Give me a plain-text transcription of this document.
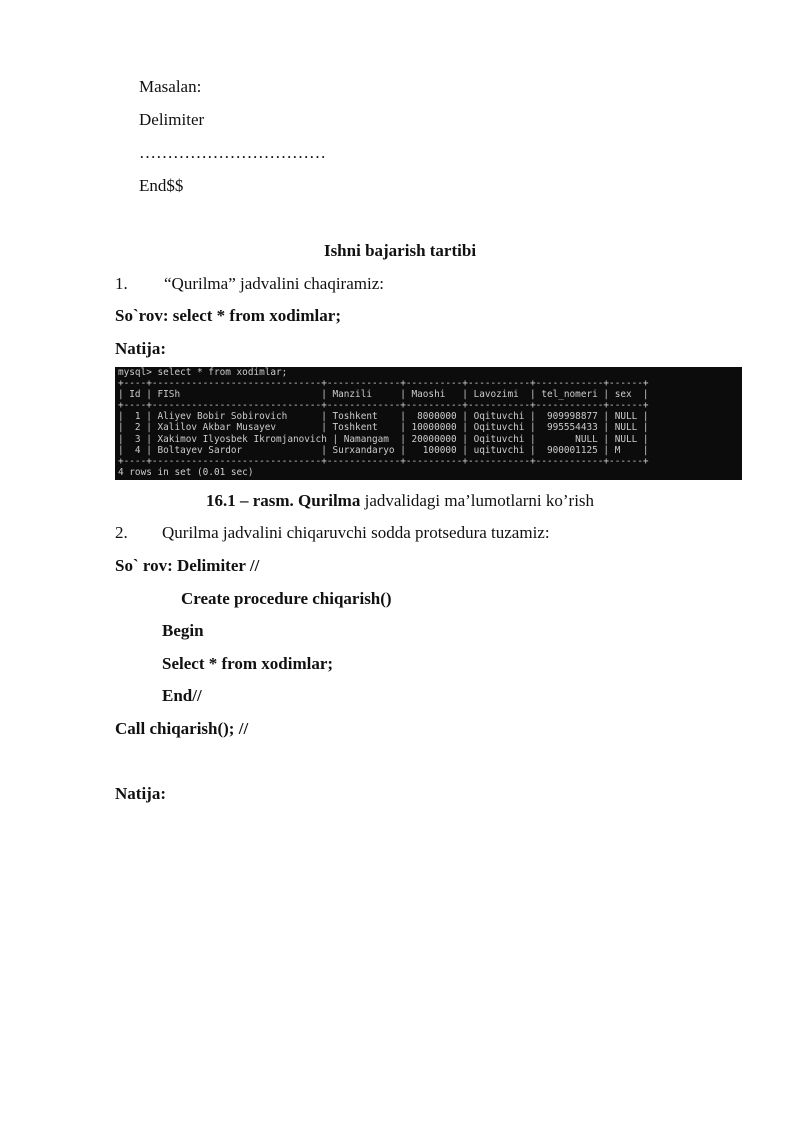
Masalan:
Delimiter
……………………………
End$$
Ishni bajarish tartibi
1. “Qurilma” jadvalini chaqiramiz:
So`rov: select * from xodimlar;
Natija:
mysql> select * from xodimlar;
+----+------------------------------+-------------+----------+-----------+------------+------+
| Id | FISh                         | Manzili     | Maoshi   | Lavozimi  | tel_nomeri | sex  |
+----+------------------------------+-------------+----------+-----------+------------+------+
|  1 | Aliyev Bobir Sobirovich      | Toshkent    |  8000000 | Oqituvchi |  909998877 | NULL |
|  2 | Xalilov Akbar Musayev        | Toshkent    | 10000000 | Oqituvchi |  995554433 | NULL |
|  3 | Xakimov Ilyosbek Ikromjanovich | Namangam  | 20000000 | Oqituvchi |       NULL | NULL |
|  4 | Boltayev Sardor              | Surxandaryo |   100000 | uqituvchi |  900001125 | M    |
+----+------------------------------+-------------+----------+-----------+------------+------+
4 rows in set (0.01 sec)
16.1 – rasm. Qurilma jadvalidagi ma’lumotlarni ko’rish
2. Qurilma jadvalini chiqaruvchi sodda protsedura tuzamiz:
So` rov: Delimiter //
Create procedure chiqarish()
Begin
Select * from xodimlar;
End//
Call chiqarish(); //
Natija:
